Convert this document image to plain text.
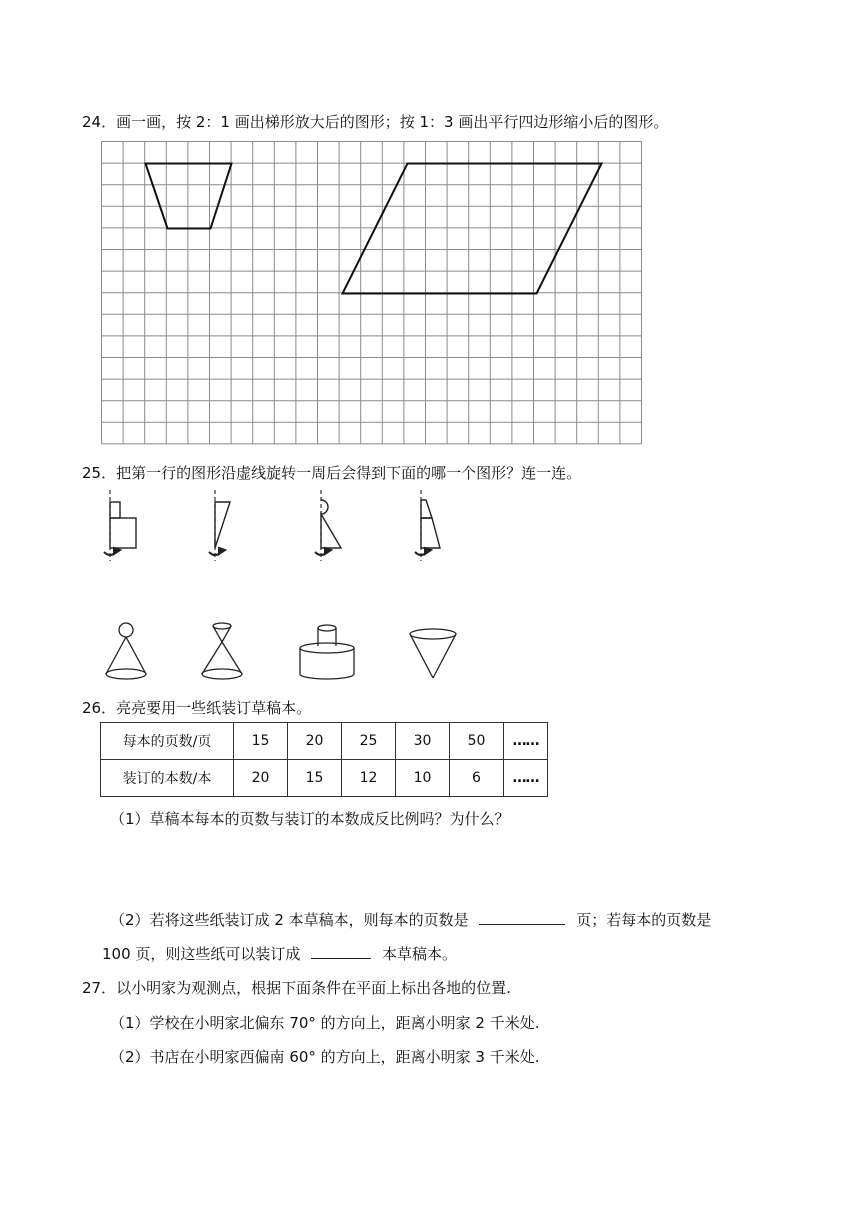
24．画一画，按 2：1 画出梯形放大后的图形；按 1：3 画出平行四边形缩小后的图形。
25．把第一行的图形沿虚线旋转一周后会得到下面的哪一个图形？连一连。
26．亮亮要用一些纸装订草稿本。
每本的页数/页	15	20	25	30	50	……
装订的本数/本	20	15	12	10	6	……
（1）草稿本每本的页数与装订的本数成反比例吗？为什么？
（2）若将这些纸装订成 2 本草稿本，则每本的页数是	页；若每本的页数是
100 页，则这些纸可以装订成	本草稿本。
27．以小明家为观测点，根据下面条件在平面上标出各地的位置.
（1）学校在小明家北偏东 70° 的方向上，距离小明家 2 千米处.
（2）书店在小明家西偏南 60° 的方向上，距离小明家 3 千米处.
